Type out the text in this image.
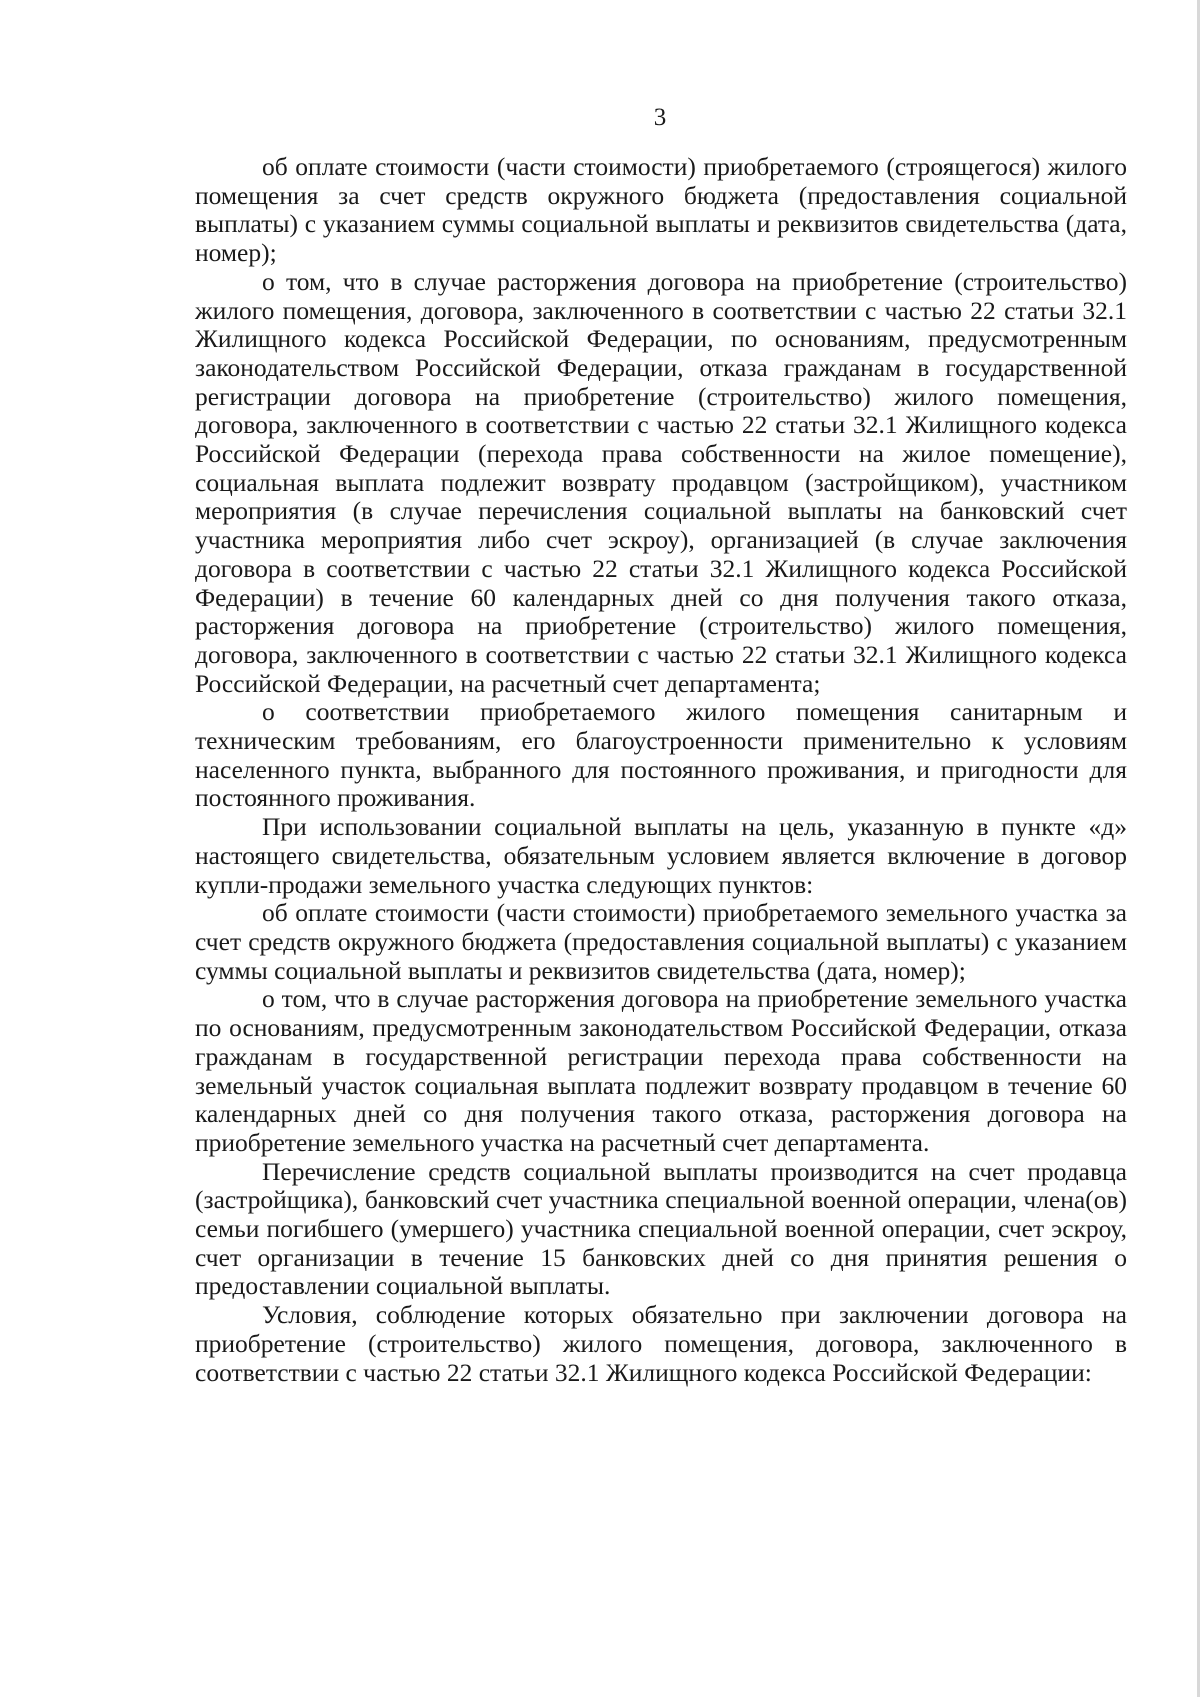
3

об оплате стоимости (части стоимости) приобретаемого (строящегося) жилого помещения за счет средств окружного бюджета (предоставления социальной выплаты) с указанием суммы социальной выплаты и реквизитов свидетельства (дата, номер);

о том, что в случае расторжения договора на приобретение (строительство) жилого помещения, договора, заключенного в соответствии с частью 22 статьи 32.1 Жилищного кодекса Российской Федерации, по основаниям, предусмотренным законодательством Российской Федерации, отказа гражданам в государственной регистрации договора на приобретение (строительство) жилого помещения, договора, заключенного в соответствии с частью 22 статьи 32.1 Жилищного кодекса Российской Федерации (перехода права собственности на жилое помещение), социальная выплата подлежит возврату продавцом (застройщиком), участником мероприятия (в случае перечисления социальной выплаты на банковский счет участника мероприятия либо счет эскроу), организацией (в случае заключения договора в соответствии с частью 22 статьи 32.1 Жилищного кодекса Российской Федерации) в течение 60 календарных дней со дня получения такого отказа, расторжения договора на приобретение (строительство) жилого помещения, договора, заключенного в соответствии с частью 22 статьи 32.1 Жилищного кодекса Российской Федерации, на расчетный счет департамента;

о соответствии приобретаемого жилого помещения санитарным и техническим требованиям, его благоустроенности применительно к условиям населенного пункта, выбранного для постоянного проживания, и пригодности для постоянного проживания.

При использовании социальной выплаты на цель, указанную в пункте «д» настоящего свидетельства, обязательным условием является включение в договор купли-продажи земельного участка следующих пунктов:

об оплате стоимости (части стоимости) приобретаемого земельного участка за счет средств окружного бюджета (предоставления социальной выплаты) с указанием суммы социальной выплаты и реквизитов свидетельства (дата, номер);

о том, что в случае расторжения договора на приобретение земельного участка по основаниям, предусмотренным законодательством Российской Федерации, отказа гражданам в государственной регистрации перехода права собственности на земельный участок социальная выплата подлежит возврату продавцом в течение 60 календарных дней со дня получения такого отказа, расторжения договора на приобретение земельного участка на расчетный счет департамента.

Перечисление средств социальной выплаты производится на счет продавца (застройщика), банковский счет участника специальной военной операции, члена(ов) семьи погибшего (умершего) участника специальной военной операции, счет эскроу, счет организации в течение 15 банковских дней со дня принятия решения о предоставлении социальной выплаты.

Условия, соблюдение которых обязательно при заключении договора на приобретение (строительство) жилого помещения, договора, заключенного в соответствии с частью 22 статьи 32.1 Жилищного кодекса Российской Федерации:
